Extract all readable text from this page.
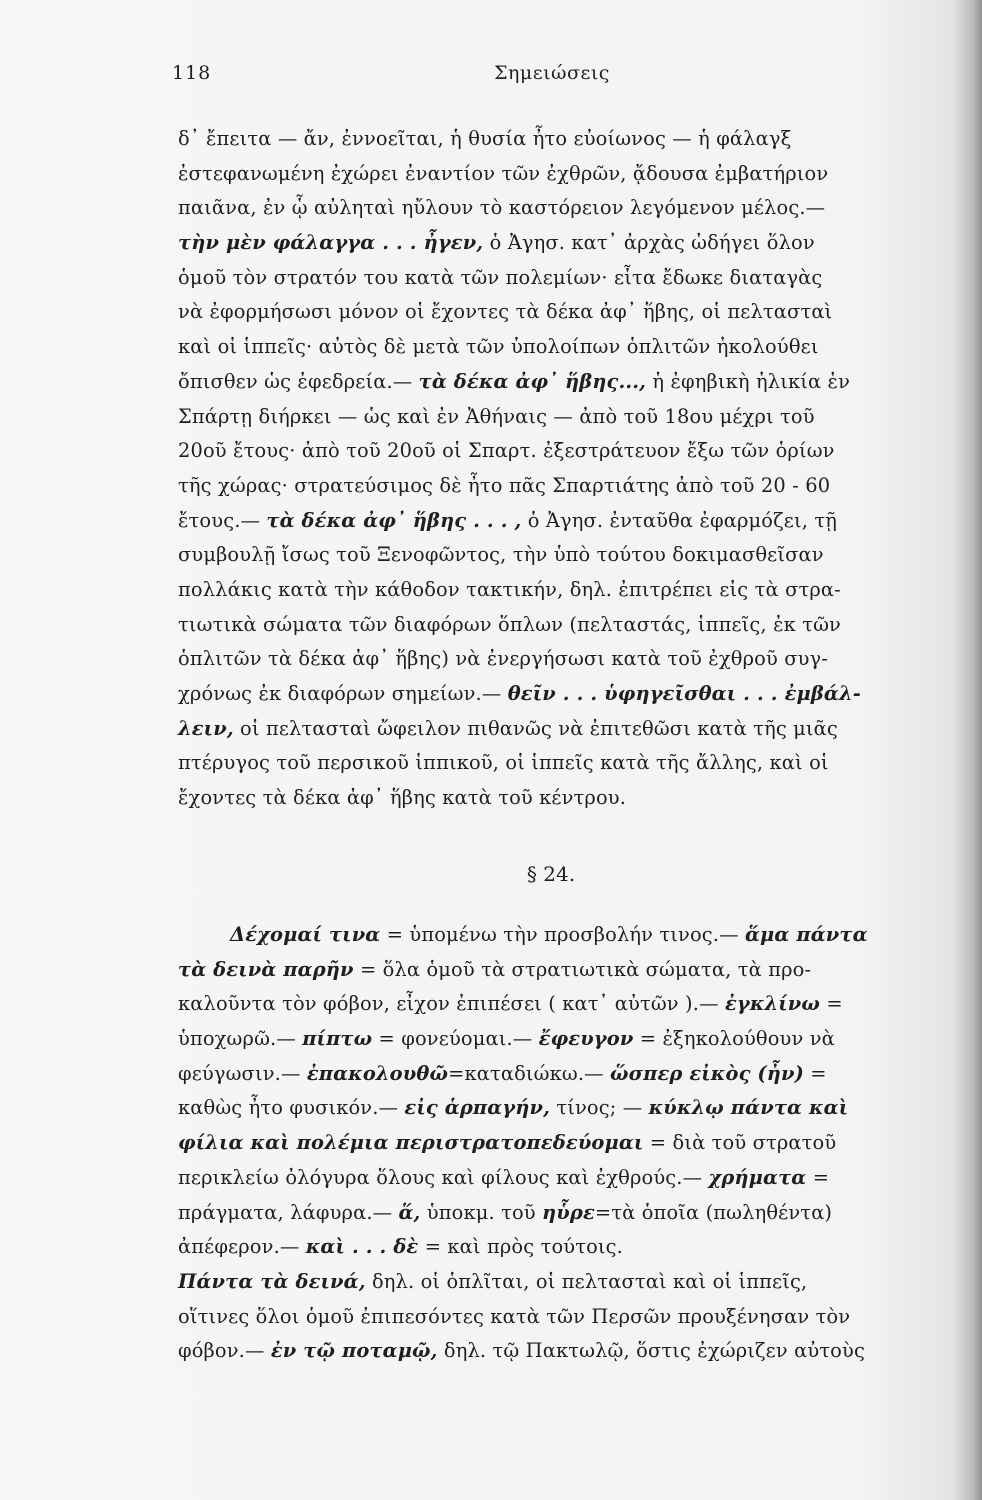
118	Σημειώσεις
δ᾽ ἔπειτα — ἄν, ἐννοεῖται, ἡ θυσία ἦτο εὐοίωνος — ἡ φάλαγξ
ἐστεφανωμένη ἐχώρει ἐναντίον τῶν ἐχθρῶν, ᾄδουσα ἐμβατήριον
παιᾶνα, ἐν ᾧ αὐληταὶ ηὔλουν τὸ καστόρειον λεγόμενον μέλος.—
τὴν μὲν φάλαγγα . . . ἦγεν, ὁ Ἀγησ. κατ᾽ ἀρχὰς ὡδήγει ὅλον
ὁμοῦ τὸν στρατόν του κατὰ τῶν πολεμίων· εἶτα ἔδωκε διαταγὰς
νὰ ἐφορμήσωσι μόνον οἱ ἔχοντες τὰ δέκα ἀφ᾽ ἥβης, οἱ πελτασταὶ
καὶ οἱ ἱππεῖς· αὐτὸς δὲ μετὰ τῶν ὑπολοίπων ὁπλιτῶν ἠκολούθει
ὄπισθεν ὡς ἐφεδρεία.— τὰ δέκα ἀφ᾽ ἥβης..., ἡ ἐφηβικὴ ἡλικία ἐν
Σπάρτῃ διήρκει — ὡς καὶ ἐν Ἀθήναις — ἀπὸ τοῦ 18ου μέχρι τοῦ
20οῦ ἔτους· ἀπὸ τοῦ 20οῦ οἱ Σπαρτ. ἐξεστράτευον ἔξω τῶν ὁρίων
τῆς χώρας· στρατεύσιμος δὲ ἦτο πᾶς Σπαρτιάτης ἀπὸ τοῦ 20 - 60
ἔτους.— τὰ δέκα ἀφ᾽ ἥβης . . . , ὁ Ἀγησ. ἐνταῦθα ἐφαρμόζει, τῇ
συμβουλῇ ἴσως τοῦ Ξενοφῶντος, τὴν ὑπὸ τούτου δοκιμασθεῖσαν
πολλάκις κατὰ τὴν κάθοδον τακτικήν, δηλ. ἐπιτρέπει εἰς τὰ στρα-
τιωτικὰ σώματα τῶν διαφόρων ὅπλων (πελταστάς, ἱππεῖς, ἐκ τῶν
ὁπλιτῶν τὰ δέκα ἀφ᾽ ἥβης) νὰ ἐνεργήσωσι κατὰ τοῦ ἐχθροῦ συγ-
χρόνως ἐκ διαφόρων σημείων.— θεῖν . . . ὑφηγεῖσθαι . . . ἐμβάλ-
λειν, οἱ πελτασταὶ ὤφειλον πιθανῶς νὰ ἐπιτεθῶσι κατὰ τῆς μιᾶς
πτέρυγος τοῦ περσικοῦ ἱππικοῦ, οἱ ἱππεῖς κατὰ τῆς ἄλλης, καὶ οἱ
ἔχοντες τὰ δέκα ἀφ᾽ ἥβης κατὰ τοῦ κέντρου.
§ 24.
Δέχομαί τινα = ὑπομένω τὴν προσβολήν τινος.— ἅμα πάντα
τὰ δεινὰ παρῆν = ὅλα ὁμοῦ τὰ στρατιωτικὰ σώματα, τὰ προ-
καλοῦντα τὸν φόβον, εἶχον ἐπιπέσει ( κατ᾽ αὐτῶν ).— ἐγκλίνω =
ὑποχωρῶ.— πίπτω = φονεύομαι.— ἔφευγον = ἐξηκολούθουν νὰ
φεύγωσιν.— ἐπακολουθῶ=καταδιώκω.— ὥσπερ εἰκὸς (ἦν) =
καθὼς ἦτο φυσικόν.— εἰς ἁρπαγήν, τίνος; — κύκλῳ πάντα καὶ
φίλια καὶ πολέμια περιστρατοπεδεύομαι = διὰ τοῦ στρατοῦ
περικλείω ὀλόγυρα ὅλους καὶ φίλους καὶ ἐχθρούς.— χρήματα =
πράγματα, λάφυρα.— ἅ, ὑποκμ. τοῦ ηὗρε=τὰ ὁποῖα (πωληθέντα)
ἀπέφερον.— καὶ . . . δὲ = καὶ πρὸς τούτοις.
Πάντα τὰ δεινά, δηλ. οἱ ὁπλῖται, οἱ πελτασταὶ καὶ οἱ ἱππεῖς,
οἵτινες ὅλοι ὁμοῦ ἐπιπεσόντες κατὰ τῶν Περσῶν προυξένησαν τὸν
φόβον.— ἐν τῷ ποταμῷ, δηλ. τῷ Πακτωλῷ, ὅστις ἐχώριζεν αὐτοὺς
